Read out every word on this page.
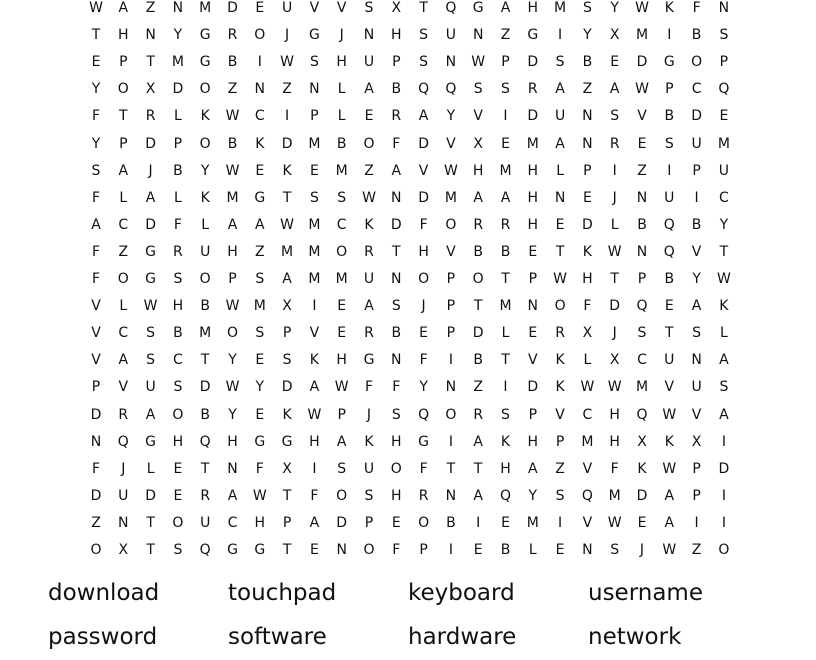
W	A	Z	N	M	D	E	U	V	V	S	X	T	Q	G	A	H	M	S	Y	W	K	F	N
T	H	N	Y	G	R	O	J	G	J	N	H	S	U	N	Z	G	I	Y	X	M	I	B	S
E	P	T	M	G	B	I	W	S	H	U	P	S	N	W	P	D	S	B	E	D	G	O	P
Y	O	X	D	O	Z	N	Z	N	L	A	B	Q	Q	S	S	R	A	Z	A	W	P	C	Q
F	T	R	L	K	W	C	I	P	L	E	R	A	Y	V	I	D	U	N	S	V	B	D	E
Y	P	D	P	O	B	K	D	M	B	O	F	D	V	X	E	M	A	N	R	E	S	U	M
S	A	J	B	Y	W	E	K	E	M	Z	A	V	W	H	M	H	L	P	I	Z	I	P	U
F	L	A	L	K	M	G	T	S	S	W	N	D	M	A	A	H	N	E	J	N	U	I	C
A	C	D	F	L	A	A	W M	C	K	D	F	O	R	R	H	E	D	L	B	Q	B	Y
F	Z	G	R	U	H	Z	M M	O	R	T	H	V	B	B	E	T	K	W	N	Q	V	T
F	O	G	S	O	P	S	A	M M	U	N	O	P	O	T	P	W	H	T	P	B	Y	W
V	L	W	H	B	W M	X	I	E	A	S	J	P	T	M	N	O	F	D	Q	E	A	K
V	C	S	B	M	O	S	P	V	E	R	B	E	P	D	L	E	R	X	J	S	T	S	L
V	A	S	C	T	Y	E	S	K	H	G	N	F	I	B	T	V	K	L	X	C	U	N	A
P	V	U	S	D	W	Y	D	A	W	F	F	Y	N	Z	I	D	K	W W M	V	U	S
D	R	A	O	B	Y	E	K	W	P	J	S	Q	O	R	S	P	V	C	H	Q	W	V	A
N	Q	G	H	Q	H	G	G	H	A	K	H	G	I	A	K	H	P	M	H	X	K	X	I
F	J	L	E	T	N	F	X	I	S	U	O	F	T	T	H	A	Z	V	F	K	W	P	D
D	U	D	E	R	A	W	T	F	O	S	H	R	N	A	Q	Y	S	Q	M	D	A	P	I
Z	N	T	O	U	C	H	P	A	D	P	E	O	B	I	E	M	I	V	W	E	A	I	I
O	X	T	S	Q	G	G	T	E	N	O	F	P	I	E	B	L	E	N	S	J	W	Z	O
download	touchpad	keyboard	username
password	software	hardware	network
